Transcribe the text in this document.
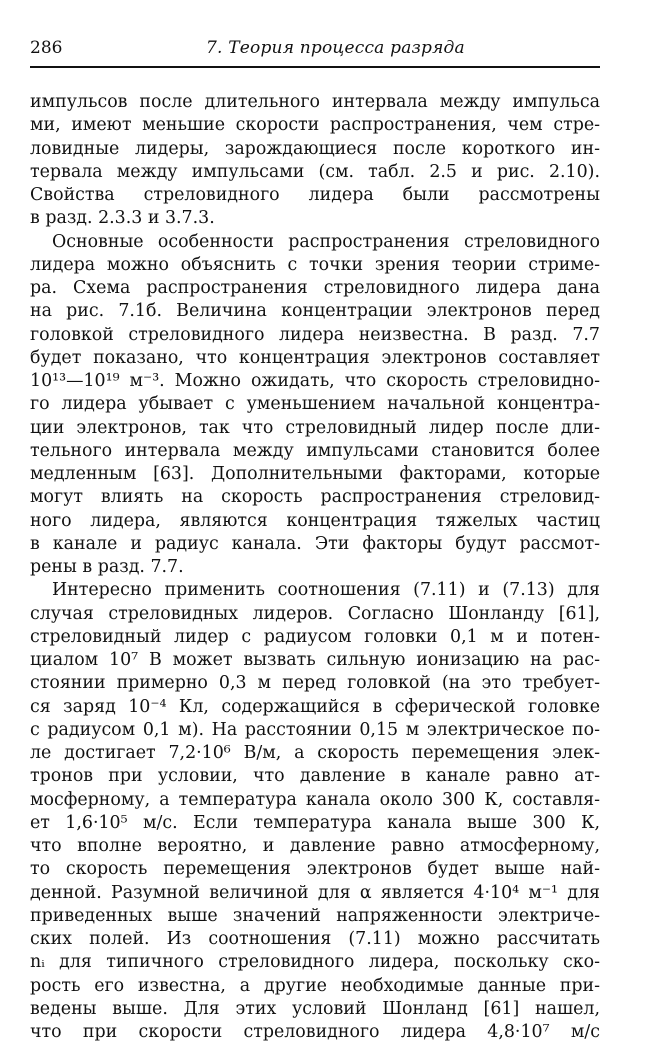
286	7. Теория процесса разряда
импульсов после длительного интервала между импульса
ми, имеют меньшие скорости распространения, чем стре-
ловидные лидеры, зарождающиеся после короткого ин-
тервала между импульсами (см. табл. 2.5 и рис. 2.10).
Свойства стреловидного лидера были рассмотрены
в разд. 2.3.3 и 3.7.3.
Основные особенности распространения стреловидного
лидера можно объяснить с точки зрения теории стриме-
ра. Схема распространения стреловидного лидера дана
на рис. 7.1б. Величина концентрации электронов перед
головкой стреловидного лидера неизвестна. В разд. 7.7
будет показано, что концентрация электронов составляет
10¹³—10¹⁹ м⁻³. Можно ожидать, что скорость стреловидно-
го лидера убывает с уменьшением начальной концентра-
ции электронов, так что стреловидный лидер после дли-
тельного интервала между импульсами становится более
медленным [63]. Дополнительными факторами, которые
могут влиять на скорость распространения стреловид-
ного лидера, являются концентрация тяжелых частиц
в канале и радиус канала. Эти факторы будут рассмот-
рены в разд. 7.7.
Интересно применить соотношения (7.11) и (7.13) для
случая стреловидных лидеров. Согласно Шонланду [61],
стреловидный лидер с радиусом головки 0,1 м и потен-
циалом 10⁷ В может вызвать сильную ионизацию на рас-
стоянии примерно 0,3 м перед головкой (на это требует-
ся заряд 10⁻⁴ Кл, содержащийся в сферической головке
с радиусом 0,1 м). На расстоянии 0,15 м электрическое по-
ле достигает 7,2·10⁶ В/м, а скорость перемещения элек-
тронов при условии, что давление в канале равно ат-
мосферному, а температура канала около 300 К, составля-
ет 1,6·10⁵ м/с. Если температура канала выше 300 К,
что вполне вероятно, и давление равно атмосферному,
то скорость перемещения электронов будет выше най-
денной. Разумной величиной для α является 4·10⁴ м⁻¹ для
приведенных выше значений напряженности электриче-
ских полей. Из соотношения (7.11) можно рассчитать
nᵢ для типичного стреловидного лидера, поскольку ско-
рость его известна, а другие необходимые данные при-
ведены выше. Для этих условий Шонланд [61] нашел,
что при скорости стреловидного лидера 4,8·10⁷ м/с
